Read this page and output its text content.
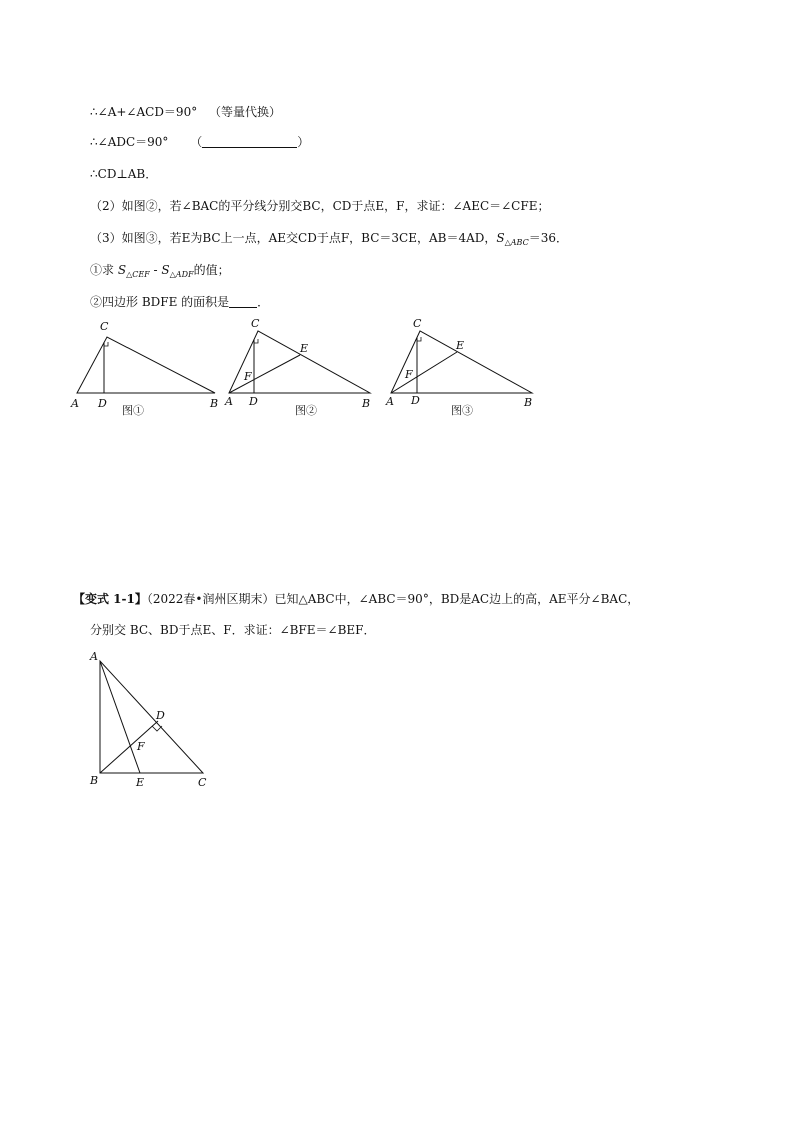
∴∠A+∠ACD＝90° （等量代换）
∴∠ADC＝90° （	）
∴CD⊥AB．
（2）如图②，若∠BAC的平分线分别交BC，CD于点E，F，求证：∠AEC＝∠CFE；
（3）如图③，若E为BC上一点，AE交CD于点F，BC＝3CE，AB＝4AD，$S_{\triangle ABC}=36$．
①求 $S_{\triangle CEF} - S_{\triangle ADF}$的值；
②四边形 BDFE 的面积是 ．
A D	B
C
图①
A D	B
C
E
F
图②
A D	B
C
E
F
图③
【变式 1-1】（2022春•润州区期末）已知△ABC中，∠ABC＝90°，BD是AC边上的高，AE平分∠BAC，
分别交 BC、BD于点E、F．求证：∠BFE＝∠BEF．
A
B	C
D
E
F
